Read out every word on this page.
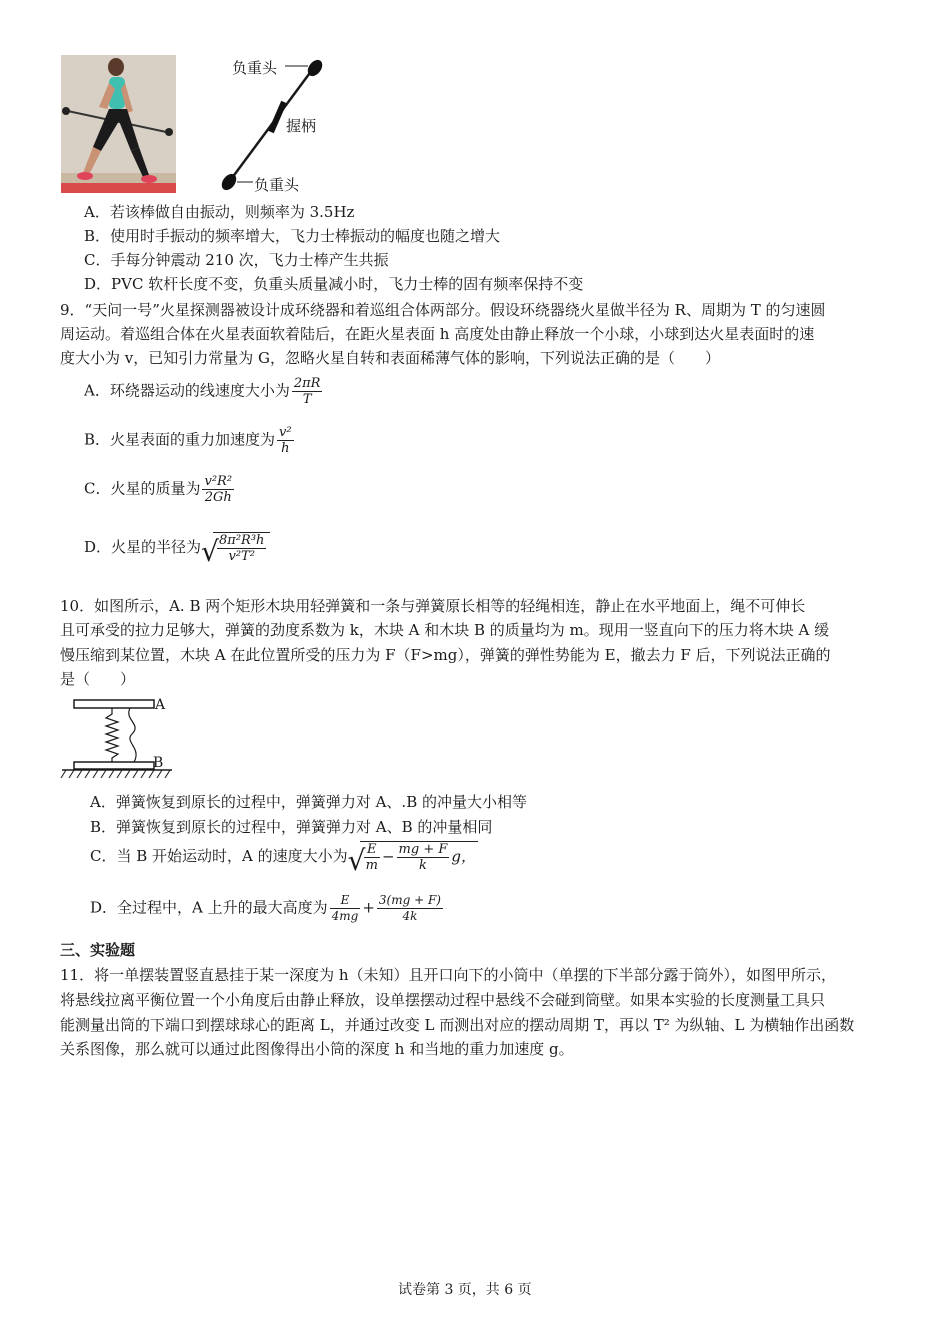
负重头
握柄
负重头
A．若该棒做自由振动，则频率为 3.5Hz
B．使用时手振动的频率增大，飞力士棒振动的幅度也随之增大
C．手每分钟震动 210 次，飞力士棒产生共振
D．PVC 软杆长度不变，负重头质量减小时，飞力士棒的固有频率保持不变
9．“天问一号”火星探测器被设计成环绕器和着巡组合体两部分。假设环绕器绕火星做半径为 R、周期为 T 的匀速圆
周运动。着巡组合体在火星表面软着陆后，在距火星表面 h 高度处由静止释放一个小球，小球到达火星表面时的速
度大小为 v，已知引力常量为 G，忽略火星自转和表面稀薄气体的影响，下列说法正确的是（　　）
A．环绕器运动的线速度大小为 $\frac{2\pi R}{T}$
B．火星表面的重力加速度为 $\frac{\text{v²}}{h}$
C．火星的质量为 $\frac{\text{v²R²}}{2Gh}$
D．火星的半径为 √
$\frac{\text{8π²R³h}}{\text{v²T²}}$
10．如图所示，A. B 两个矩形木块用轻弹簧和一条与弹簧原长相等的轻绳相连，静止在水平地面上，绳不可伸长
且可承受的拉力足够大，弹簧的劲度系数为 k，木块 A 和木块 B 的质量均为 m。现用一竖直向下的压力将木块 A 缓
慢压缩到某位置，木块 A 在此位置所受的压力为 F（F>mg），弹簧的弹性势能为 E，撤去力 F 后，下列说法正确的
是（　　）
A
B
A．弹簧恢复到原长的过程中，弹簧弹力对 A、.B 的冲量大小相等
B．弹簧恢复到原长的过程中，弹簧弹力对 A、B 的冲量相同
C．当 B 开始运动时，A 的速度大小为 √
$\frac{E}{m} - \frac{mg + F}{k}$ g，
D．全过程中，A 上升的最大高度为 $\frac{E}{4mg} + \frac{3(mg + F)}{4k}$
三、实验题
11．将一单摆装置竖直悬挂于某一深度为 h（未知）且开口向下的小筒中（单摆的下半部分露于筒外），如图甲所示，
将悬线拉离平衡位置一个小角度后由静止释放，设单摆摆动过程中悬线不会碰到筒壁。如果本实验的长度测量工具只
能测量出筒的下端口到摆球球心的距离 L，并通过改变 L 而测出对应的摆动周期 T，再以 T² 为纵轴、L 为横轴作出函数
关系图像，那么就可以通过此图像得出小筒的深度 h 和当地的重力加速度 g。
试卷第 3 页，共 6 页
